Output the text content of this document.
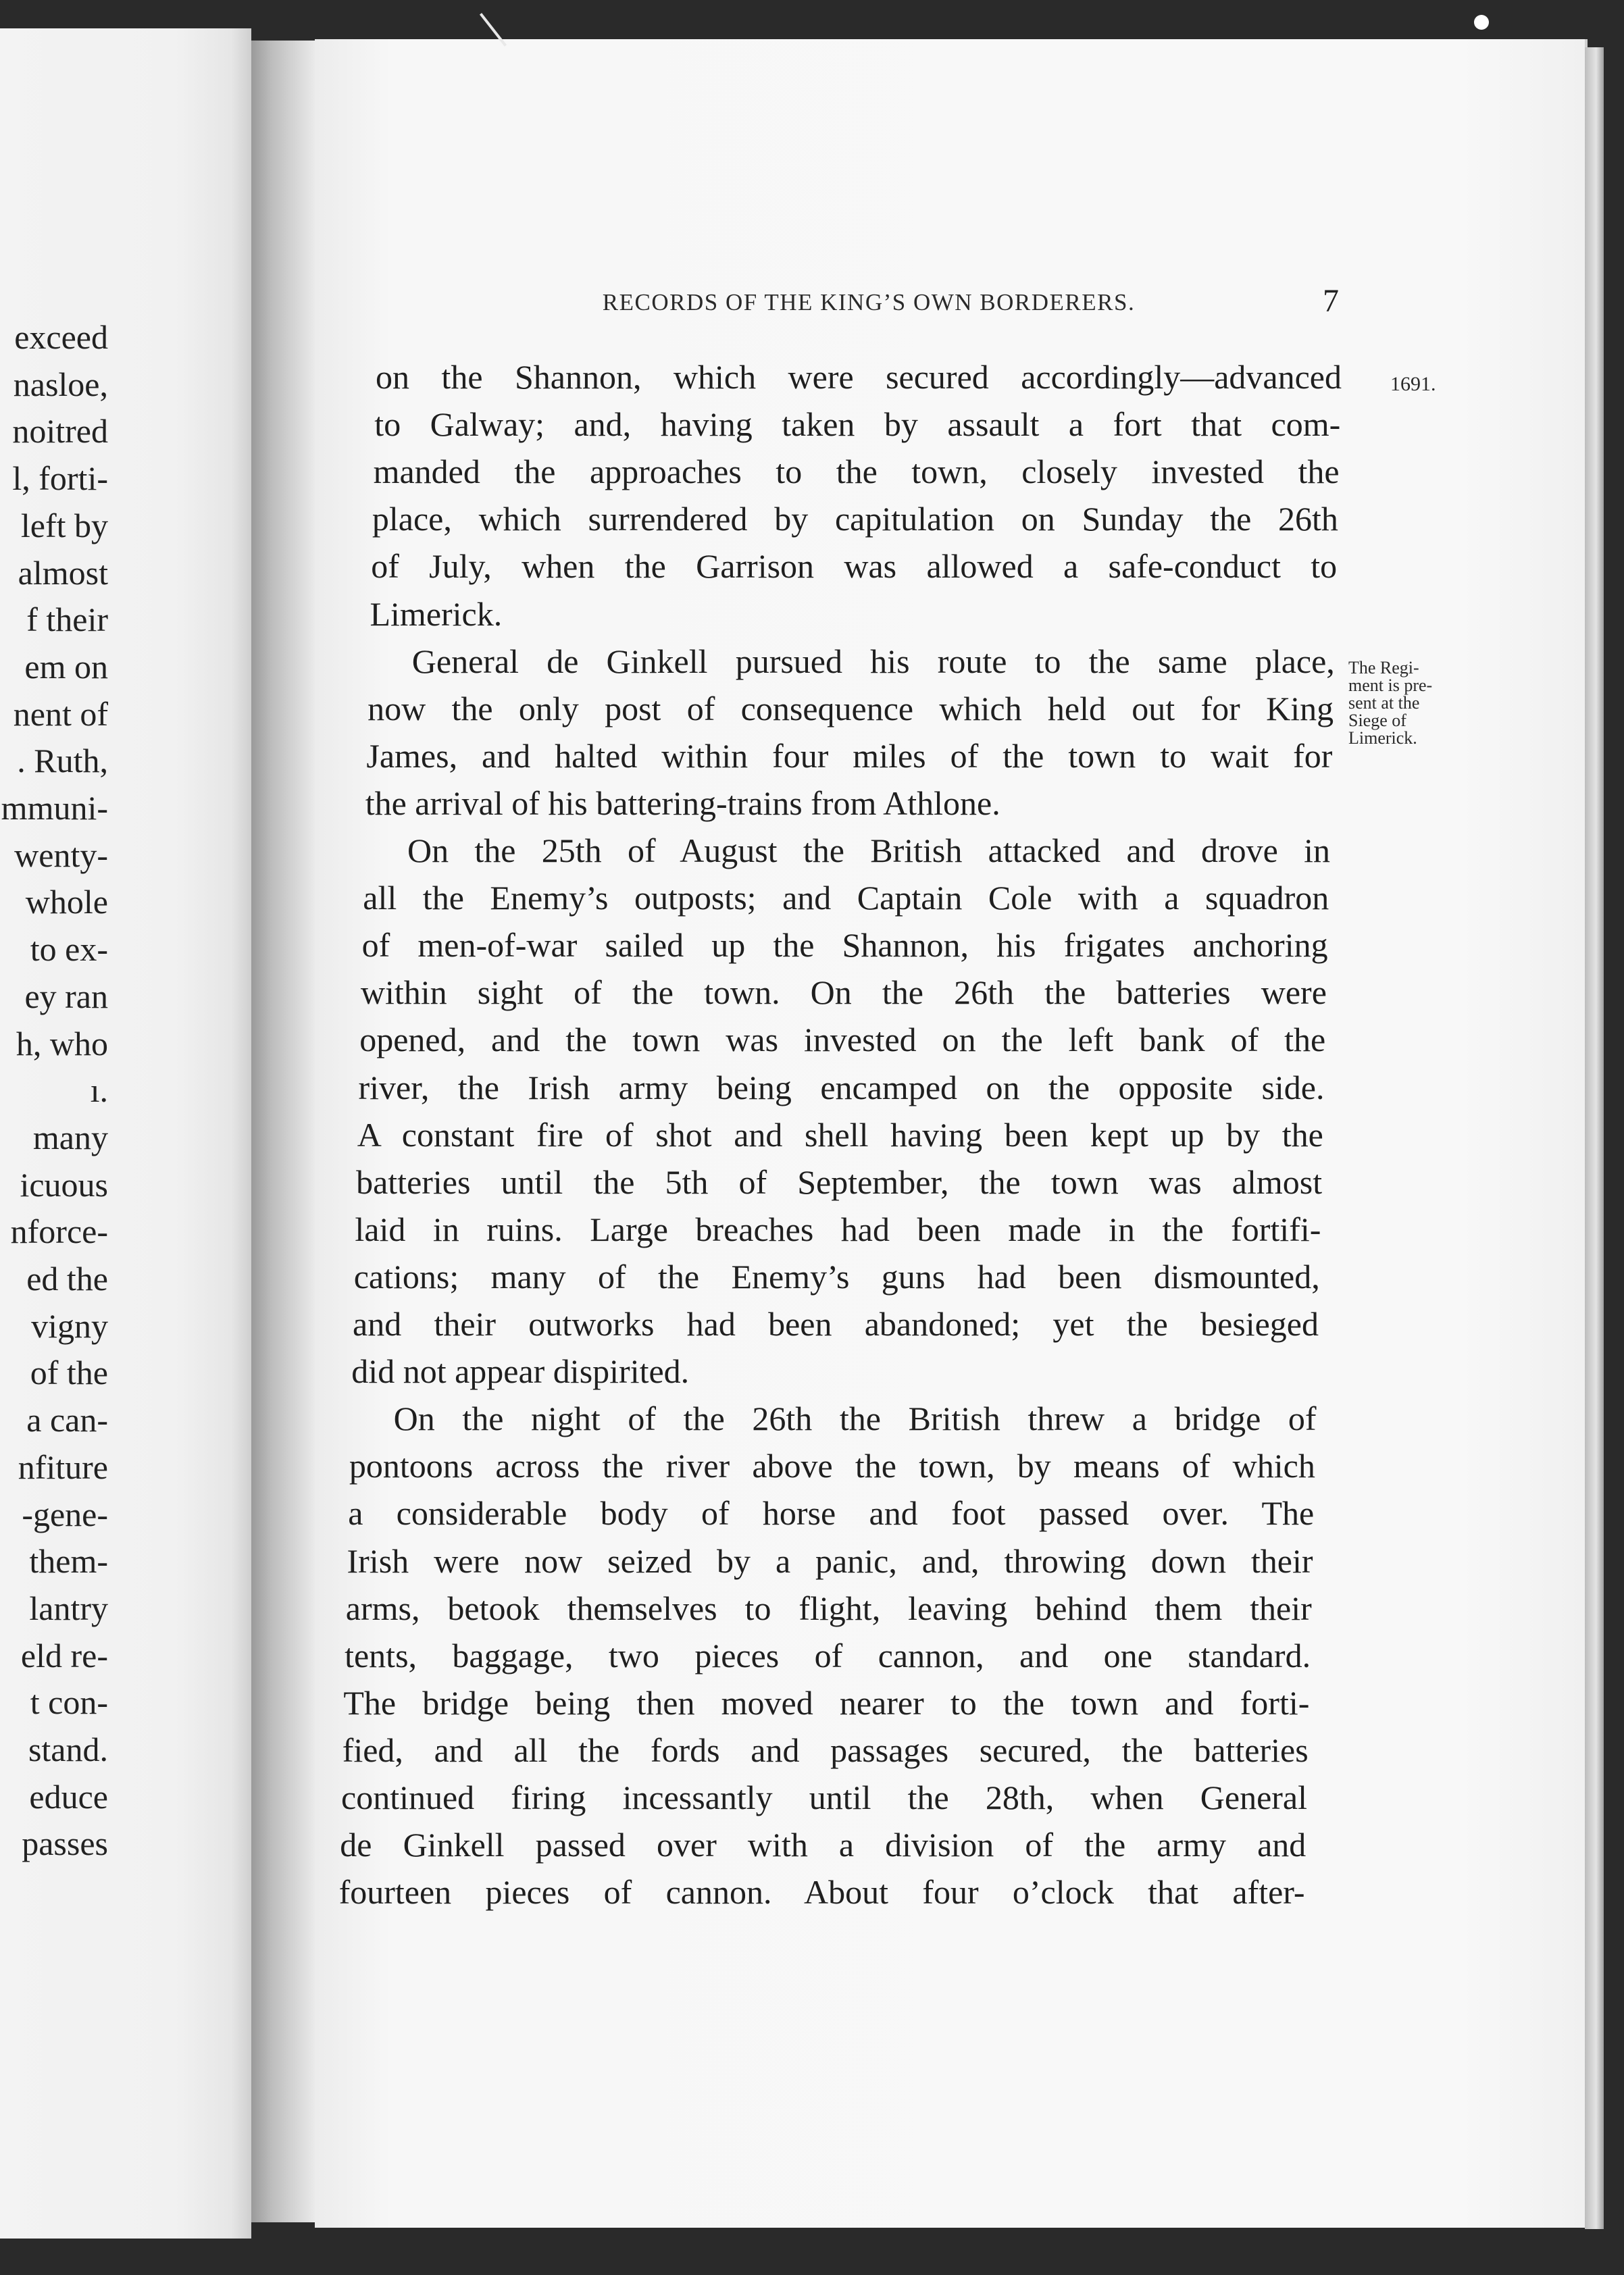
exceed
nasloe,
noitred
l, forti-
left by
almost
f their
em on
nent of
. Ruth,
mmuni-
wenty-
whole
to ex-
ey ran
h, who
ı.
many
icuous
nforce-
ed the
vigny
of the
a can-
nfiture
-gene-
them-
lantry
eld re-
t con-
stand.
educe
passes
RECORDS OF THE KING’S OWN BORDERERS.	7
1691.
The Regi-
ment is pre-
sent at the
Siege of
Limerick.
on the Shannon, which were secured accordingly—advanced
to Galway; and, having taken by assault a fort that com-
manded the approaches to the town, closely invested the
place, which surrendered by capitulation on Sunday the 26th
of July, when the Garrison was allowed a safe-conduct to
Limerick.
General de Ginkell pursued his route to the same place,
now the only post of consequence which held out for King
James, and halted within four miles of the town to wait for
the arrival of his battering-trains from Athlone.
On the 25th of August the British attacked and drove in
all the Enemy’s outposts; and Captain Cole with a squadron
of men-of-war sailed up the Shannon, his frigates anchoring
within sight of the town. On the 26th the batteries were
opened, and the town was invested on the left bank of the
river, the Irish army being encamped on the opposite side.
A constant fire of shot and shell having been kept up by the
batteries until the 5th of September, the town was almost
laid in ruins. Large breaches had been made in the fortifi-
cations; many of the Enemy’s guns had been dismounted,
and their outworks had been abandoned; yet the besieged
did not appear dispirited.
On the night of the 26th the British threw a bridge of
pontoons across the river above the town, by means of which
a considerable body of horse and foot passed over. The
Irish were now seized by a panic, and, throwing down their
arms, betook themselves to flight, leaving behind them their
tents, baggage, two pieces of cannon, and one standard.
The bridge being then moved nearer to the town and forti-
fied, and all the fords and passages secured, the batteries
continued firing incessantly until the 28th, when General
de Ginkell passed over with a division of the army and
fourteen pieces of cannon. About four o’clock that after-
